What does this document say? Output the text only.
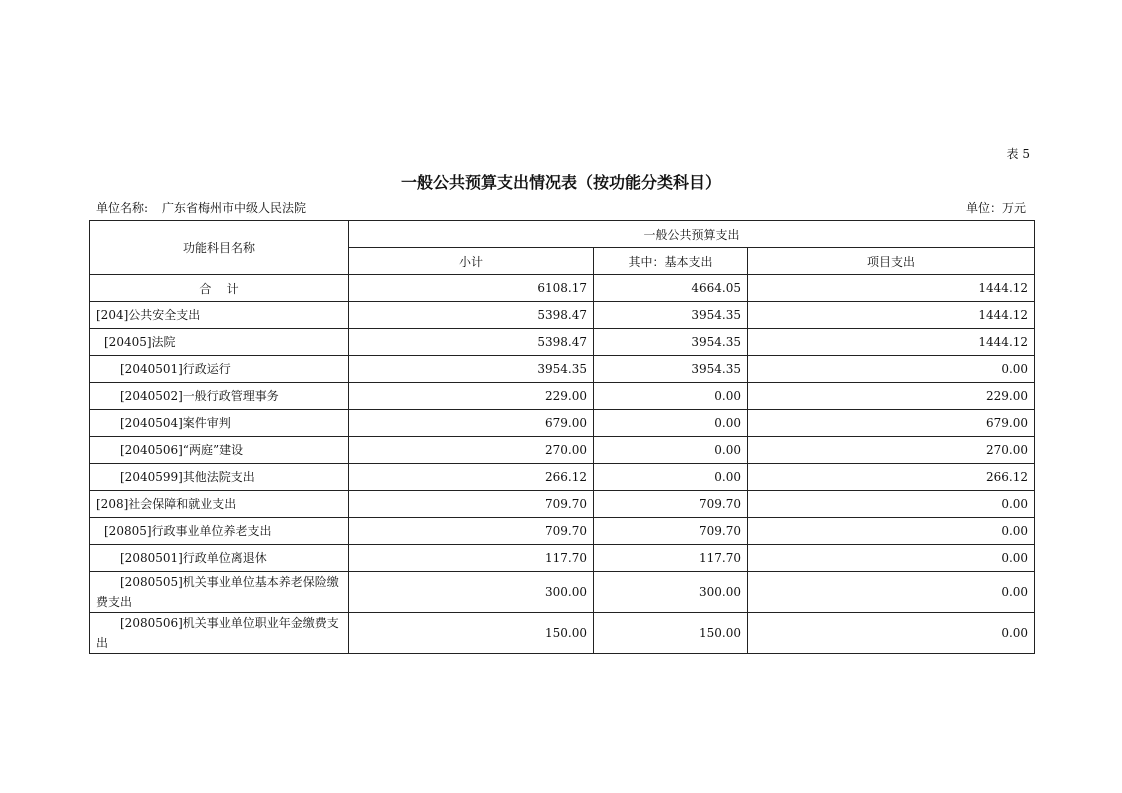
表 5
一般公共预算支出情况表（按功能分类科目）
单位名称: 广东省梅州市中级人民法院	单位：万元
功能科目名称	一般公共预算支出		
	小计	其中：基本支出	项目支出
合    计	6108.17	4664.05	1444.12
[204]公共安全支出	5398.47	3954.35	1444.12
[20405]法院	5398.47	3954.35	1444.12
[2040501]行政运行	3954.35	3954.35	0.00
[2040502]一般行政管理事务	229.00	0.00	229.00
[2040504]案件审判	679.00	0.00	679.00
[2040506]“两庭”建设	270.00	0.00	270.00
[2040599]其他法院支出	266.12	0.00	266.12
[208]社会保障和就业支出	709.70	709.70	0.00
[20805]行政事业单位养老支出	709.70	709.70	0.00
[2080501]行政单位离退休	117.70	117.70	0.00
[2080505]机关事业单位基本养老保险缴费支出	300.00	300.00	0.00
[2080506]机关事业单位职业年金缴费支出	150.00	150.00	0.00
